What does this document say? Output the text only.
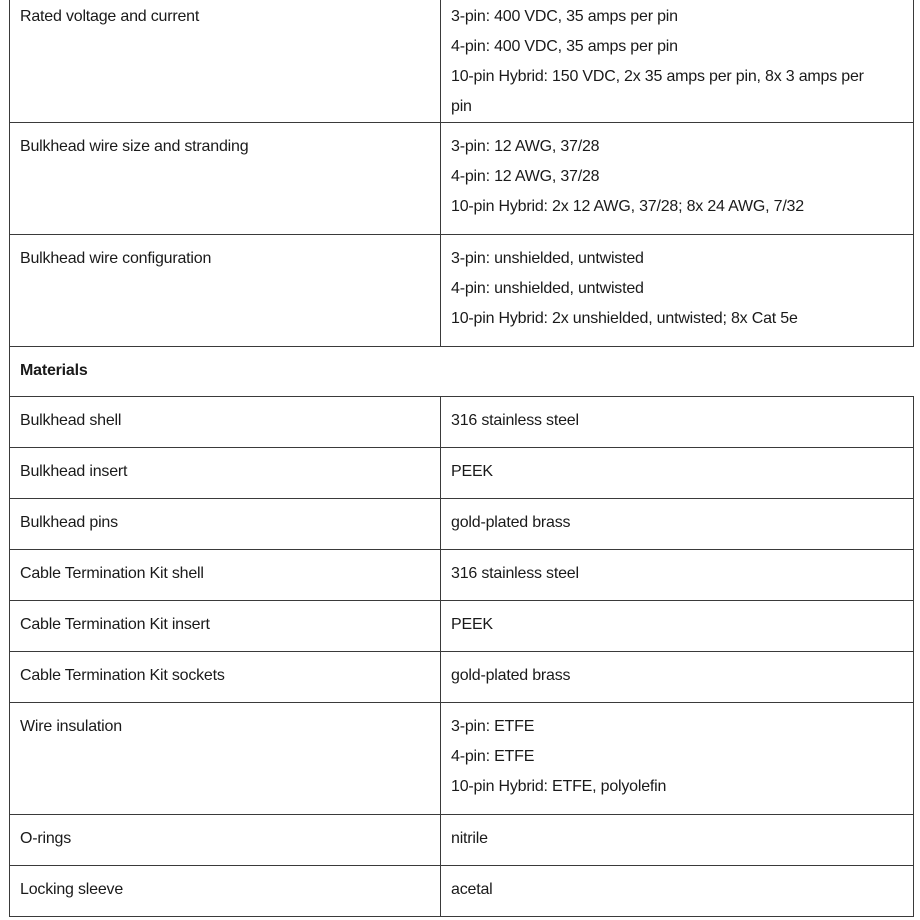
Rated voltage and current	3-pin: 400 VDC, 35 amps per pin
4-pin: 400 VDC, 35 amps per pin
10-pin Hybrid: 150 VDC, 2x 35 amps per pin, 8x 3 amps per
pin

Bulkhead wire size and stranding	3-pin: 12 AWG, 37/28
4-pin: 12 AWG, 37/28
10-pin Hybrid: 2x 12 AWG, 37/28; 8x 24 AWG, 7/32

Bulkhead wire configuration	3-pin: unshielded, untwisted
4-pin: unshielded, untwisted
10-pin Hybrid: 2x unshielded, untwisted; 8x Cat 5e

Materials	
Bulkhead shell	316 stainless steel
Bulkhead insert	PEEK
Bulkhead pins	gold-plated brass
Cable Termination Kit shell	316 stainless steel
Cable Termination Kit insert	PEEK
Cable Termination Kit sockets	gold-plated brass
Wire insulation	3-pin: ETFE
4-pin: ETFE
10-pin Hybrid: ETFE, polyolefin

O-rings	nitrile
Locking sleeve	acetal
